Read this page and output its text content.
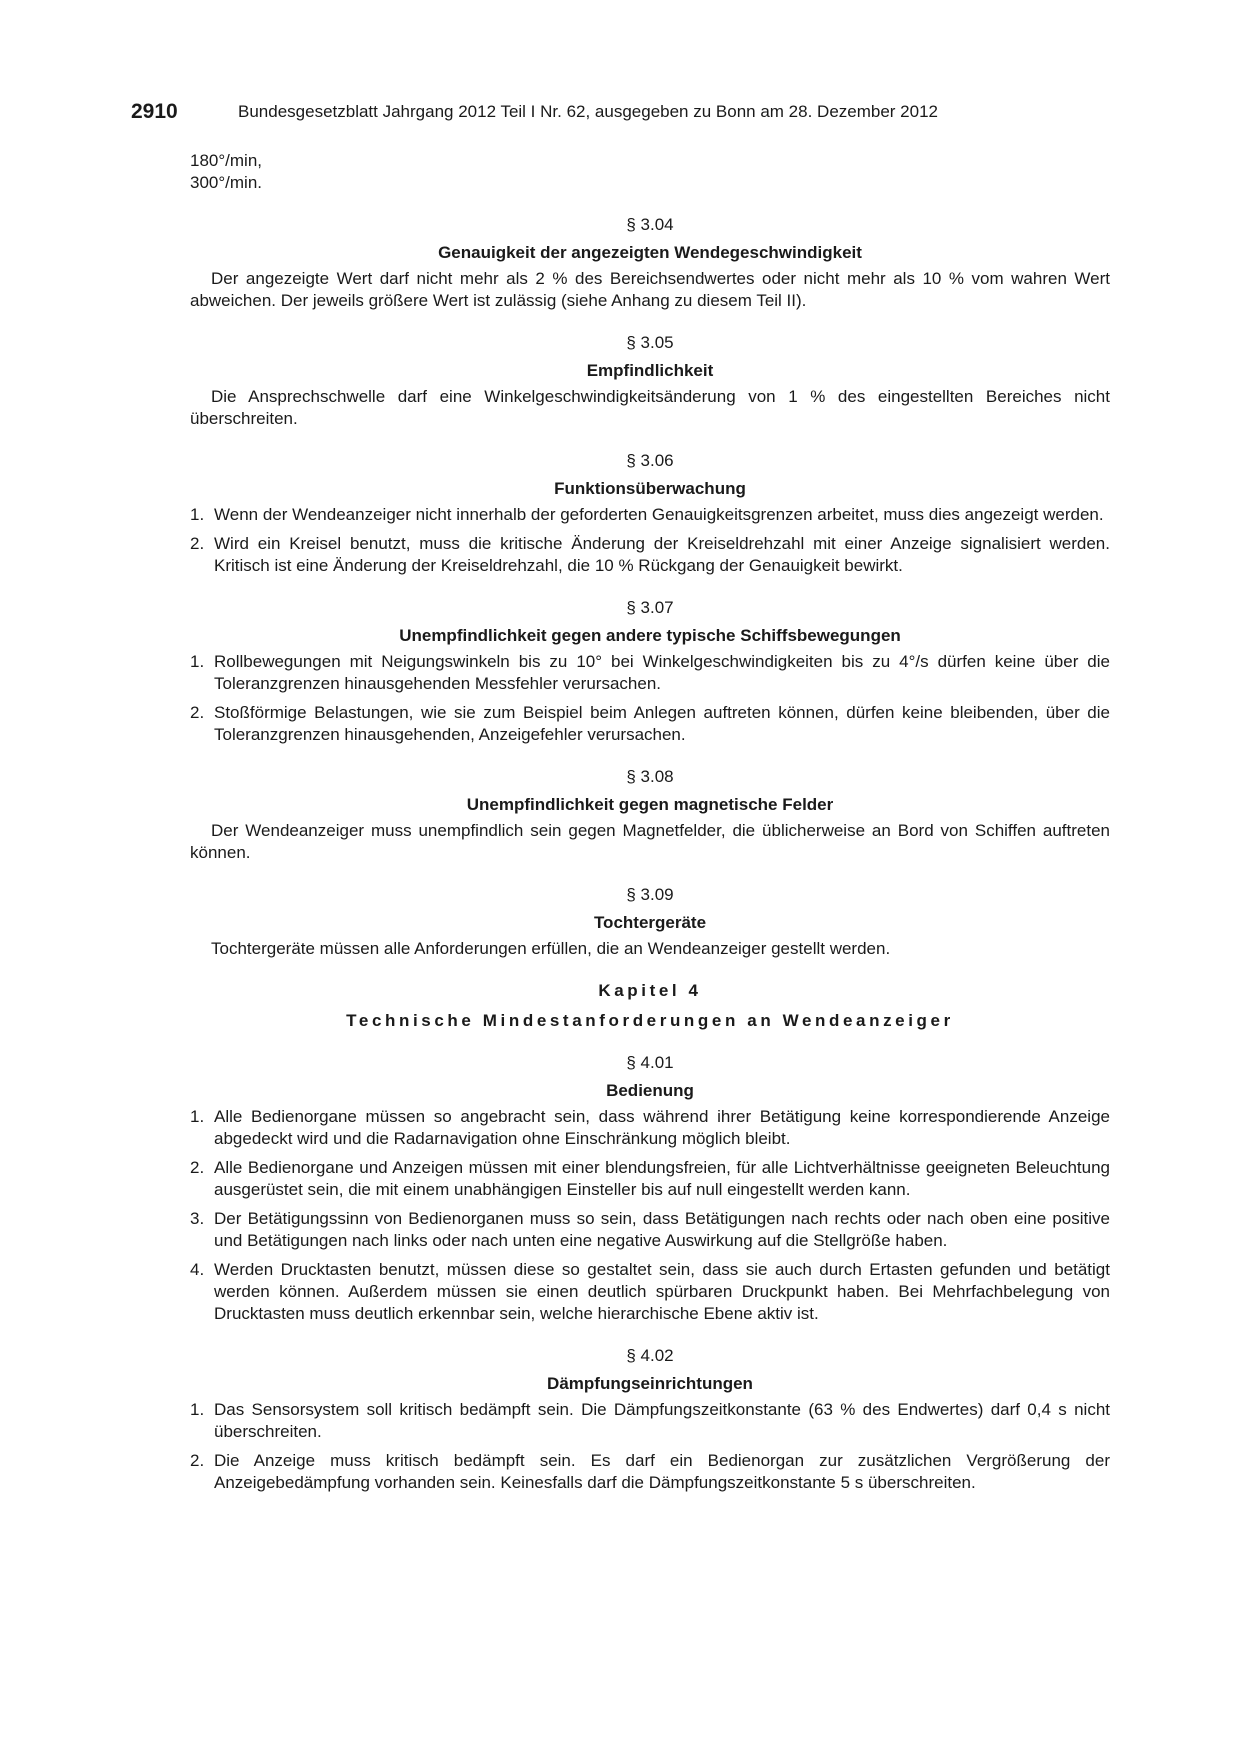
2910	Bundesgesetzblatt Jahrgang 2012 Teil I Nr. 62, ausgegeben zu Bonn am 28. Dezember 2012

180°/min,

300°/min.

§ 3.04

Genauigkeit der angezeigten Wendegeschwindigkeit

Der angezeigte Wert darf nicht mehr als 2 % des Bereichsendwertes oder nicht mehr als 10 % vom wahren Wert abweichen. Der jeweils größere Wert ist zulässig (siehe Anhang zu diesem Teil II).

§ 3.05

Empfindlichkeit

Die Ansprechschwelle darf eine Winkelgeschwindigkeitsänderung von 1 % des eingestellten Bereiches nicht überschreiten.

§ 3.06

Funktionsüberwachung

1. Wenn der Wendeanzeiger nicht innerhalb der geforderten Genauigkeitsgrenzen arbeitet, muss dies angezeigt werden.
2. Wird ein Kreisel benutzt, muss die kritische Änderung der Kreiseldrehzahl mit einer Anzeige signalisiert werden. Kritisch ist eine Änderung der Kreiseldrehzahl, die 10 % Rückgang der Genauigkeit bewirkt.

§ 3.07

Unempfindlichkeit gegen andere typische Schiffsbewegungen

1. Rollbewegungen mit Neigungswinkeln bis zu 10° bei Winkelgeschwindigkeiten bis zu 4°/s dürfen keine über die Toleranzgrenzen hinausgehenden Messfehler verursachen.
2. Stoßförmige Belastungen, wie sie zum Beispiel beim Anlegen auftreten können, dürfen keine bleibenden, über die Toleranzgrenzen hinausgehenden, Anzeigefehler verursachen.

§ 3.08

Unempfindlichkeit gegen magnetische Felder

Der Wendeanzeiger muss unempfindlich sein gegen Magnetfelder, die üblicherweise an Bord von Schiffen auftreten können.

§ 3.09

Tochtergeräte

Tochtergeräte müssen alle Anforderungen erfüllen, die an Wendeanzeiger gestellt werden.

Kapitel 4

Technische Mindestanforderungen an Wendeanzeiger

§ 4.01

Bedienung

1. Alle Bedienorgane müssen so angebracht sein, dass während ihrer Betätigung keine korrespondierende Anzeige abgedeckt wird und die Radarnavigation ohne Einschränkung möglich bleibt.
2. Alle Bedienorgane und Anzeigen müssen mit einer blendungsfreien, für alle Lichtverhältnisse geeigneten Beleuchtung ausgerüstet sein, die mit einem unabhängigen Einsteller bis auf null eingestellt werden kann.
3. Der Betätigungssinn von Bedienorganen muss so sein, dass Betätigungen nach rechts oder nach oben eine positive und Betätigungen nach links oder nach unten eine negative Auswirkung auf die Stellgröße haben.
4. Werden Drucktasten benutzt, müssen diese so gestaltet sein, dass sie auch durch Ertasten gefunden und betätigt werden können. Außerdem müssen sie einen deutlich spürbaren Druckpunkt haben. Bei Mehrfachbelegung von Drucktasten muss deutlich erkennbar sein, welche hierarchische Ebene aktiv ist.

§ 4.02

Dämpfungseinrichtungen

1. Das Sensorsystem soll kritisch bedämpft sein. Die Dämpfungszeitkonstante (63 % des Endwertes) darf 0,4 s nicht überschreiten.
2. Die Anzeige muss kritisch bedämpft sein. Es darf ein Bedienorgan zur zusätzlichen Vergrößerung der Anzeigebedämpfung vorhanden sein. Keinesfalls darf die Dämpfungszeitkonstante 5 s überschreiten.
